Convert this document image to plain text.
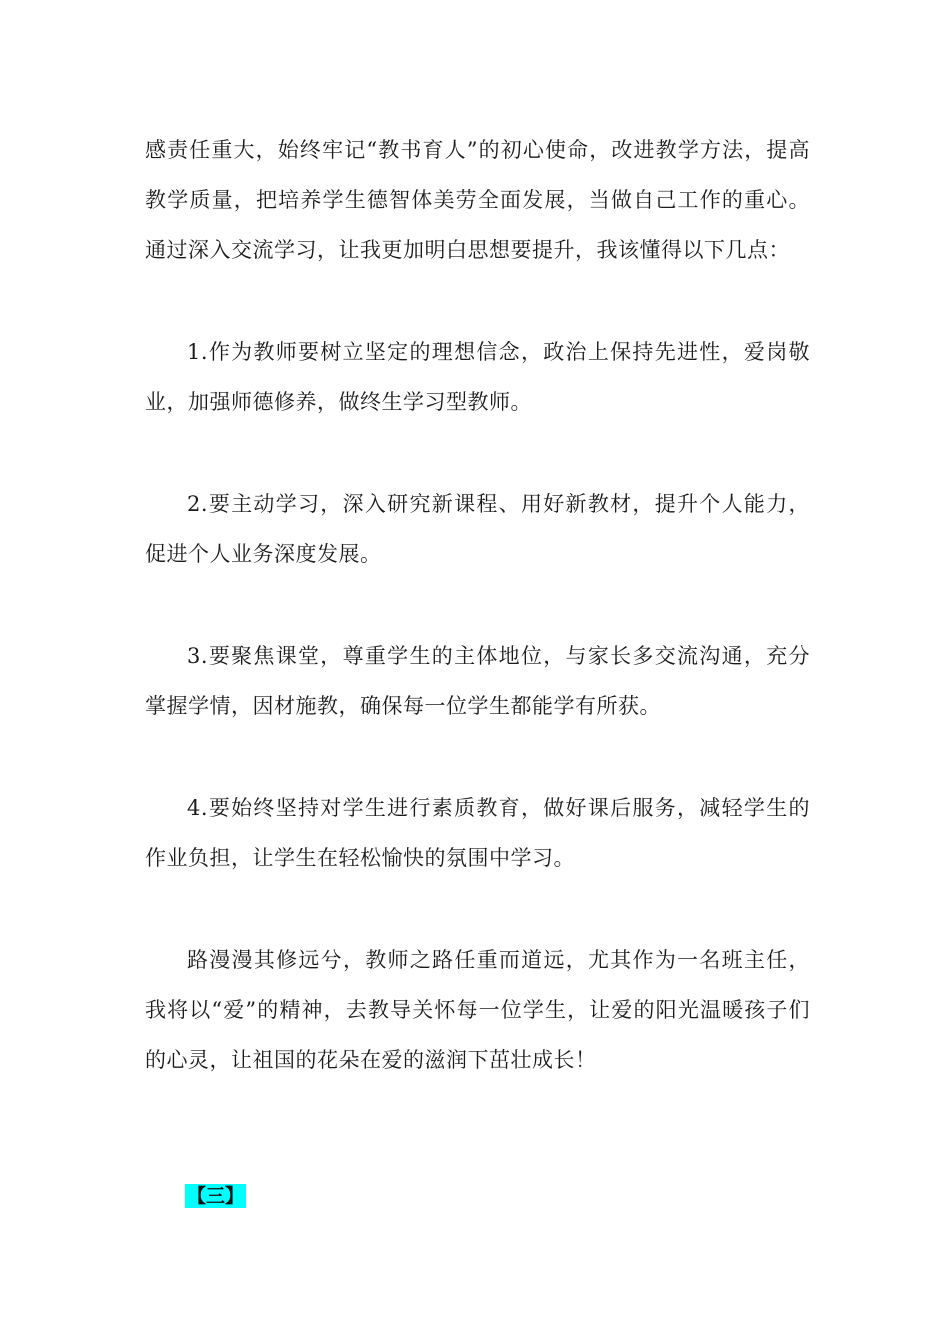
感责任重大，始终牢记“教书育人”的初心使命，改进教学方法，提高教学质量，把培养学生德智体美劳全面发展，当做自己工作的重心。通过深入交流学习，让我更加明白思想要提升，我该懂得以下几点：

1.作为教师要树立坚定的理想信念，政治上保持先进性，爱岗敬业，加强师德修养，做终生学习型教师。

2.要主动学习，深入研究新课程、用好新教材，提升个人能力，促进个人业务深度发展。

3.要聚焦课堂，尊重学生的主体地位，与家长多交流沟通，充分掌握学情，因材施教，确保每一位学生都能学有所获。

4.要始终坚持对学生进行素质教育，做好课后服务，减轻学生的作业负担，让学生在轻松愉快的氛围中学习。

路漫漫其修远兮，教师之路任重而道远，尤其作为一名班主任，我将以“爱”的精神，去教导关怀每一位学生，让爱的阳光温暖孩子们的心灵，让祖国的花朵在爱的滋润下茁壮成长！

【三】
